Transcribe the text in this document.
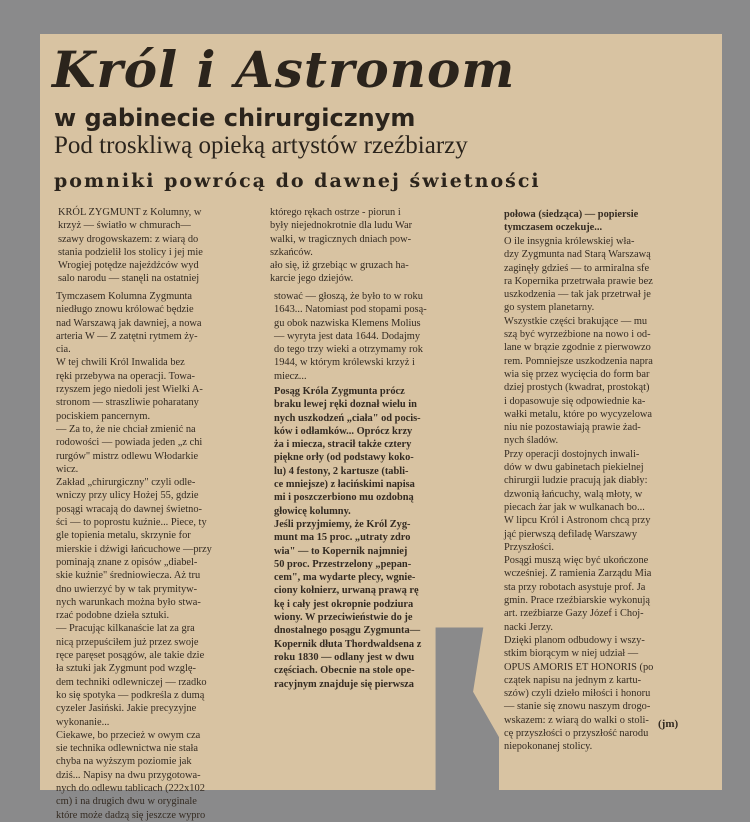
Król i Astronom
w gabinecie chirurgicznym
Pod troskliwą opieką artystów rzeźbiarzy
pomniki powrócą do dawnej świetności
KRÓL ZYGMUNT z Kolumny, w
krzyż — światło w chmurach—
szawy drogowskazem: z wiarą do
stania podzielił los stolicy i jej mie
Wrogiej potędze najeźdźców wyd
salo narodu — stanęli na ostatniej
którego rękach ostrze - piorun i
były niejednokrotnie dla ludu War
walki, w tragicznych dniach pow-
szkańców.
ało się, iż grzebiąc w gruzach ha-
karcie jego dziejów.
Tymczasem Kolumna Zygmunta
niedługo znowu królować będzie
nad Warszawą jak dawniej, a nowa
arteria W — Z zatętni rytmem ży-
cia.
W tej chwili Król Inwalida bez
ręki przebywa na operacji. Towa-
rzyszem jego niedoli jest Wielki A-
stronom — straszliwie poharatany
pociskiem pancernym.
— Za to, że nie chciał zmienić na
rodowości — powiada jeden „z chi
rurgów" mistrz odlewu Włodarkie
wicz.
Zakład „chirurgiczny" czyli odle-
wniczy przy ulicy Hożej 55, gdzie
posągi wracają do dawnej świetno-
ści — to poprostu kuźnie... Piece, ty
gle topienia metalu, skrzynie for
mierskie i dźwigi łańcuchowe —przy
pominają znane z opisów „diabel-
skie kuźnie" średniowiecza. Aż tru
dno uwierzyć by w tak prymityw-
nych warunkach można było stwa-
rzać podobne dzieła sztuki.
— Pracując kilkanaście lat za gra
nicą przepuściłem już przez swoje
ręce paręset posągów, ale takie dzie
ła sztuki jak Zygmunt pod wzglę-
dem techniki odlewniczej — rzadko
ko się spotyka — podkreśla z dumą
cyzeler Jasiński. Jakie precyzyjne
wykonanie...
Ciekawe, bo przecież w owym cza
sie technika odlewnictwa nie stała
chyba na wyższym poziomie jak
dziś... Napisy na dwu przygotowa-
nych do odlewu tablicach (222x102
cm) i na drugich dwu w oryginale
które może dadzą się jeszcze wypro
stować — głoszą, że było to w roku
1643... Natomiast pod stopami posą-
gu obok nazwiska Klemens Molius
— wyryta jest data 1644. Dodajmy
do tego trzy wieki a otrzymamy rok
1944, w którym królewski krzyż i
miecz...
Posąg Króla Zygmunta prócz
braku lewej ręki doznał wielu in
nych uszkodzeń „ciała" od pocis-
ków i odłamków... Oprócz krzy
ża i miecza, stracił także cztery
piękne orły (od podstawy koko-
lu) 4 festony, 2 kartusze (tabli-
ce mniejsze) z łacińskimi napisa
mi i poszczerbiono mu ozdobną
głowicę kolumny.
Jeśli przyjmiemy, że Król Zyg-
munt ma 15 proc. „utraty zdro
wia" — to Kopernik najmniej
50 proc. Przestrzelony „pepan-
cem", ma wydarte plecy, wgnie-
ciony kołnierz, urwaną prawą rę
kę i cały jest okropnie podziura
wiony. W przeciwieństwie do je
dnostalnego posągu Zygmunta—
Kopernik dłuta Thordwaldsena z
roku 1830 — odlany jest w dwu
częściach. Obecnie na stole ope-
racyjnym znajduje się pierwsza
połowa (siedząca) — popiersie
tymczasem oczekuje...
O ile insygnia królewskiej wła-
dzy Zygmunta nad Starą Warszawą
zaginęły gdzieś — to armiralna sfe
ra Kopernika przetrwała prawie bez
uszkodzenia — tak jak przetrwał je
go system planetarny.
Wszystkie części brakujące — mu
szą być wyrzeźbione na nowo i od-
lane w brązie zgodnie z pierwowzo
rem. Pomniejsze uszkodzenia napra
wia się przez wycięcia do form bar
dziej prostych (kwadrat, prostokąt)
i dopasowuje się odpowiednie ka-
wałki metalu, które po wycyzelowa
niu nie pozostawiają prawie żad-
nych śladów.
Przy operacji dostojnych inwali-
dów w dwu gabinetach piekielnej
chirurgii ludzie pracują jak diabły:
dzwonią łańcuchy, walą młoty, w
piecach żar jak w wulkanach bo...
W lipcu Król i Astronom chcą przy
jąć pierwszą defiladę Warszawy
Przyszłości.
Posągi muszą więc być ukończone
wcześniej. Z ramienia Zarządu Mia
sta przy robotach asystuje prof. Ja
gmin. Prace rzeźbiarskie wykonują
art. rzeźbiarze Gazy Józef i Choj-
nacki Jerzy.
Dzięki planom odbudowy i wszy-
stkim biorącym w niej udział —
OPUS AMORIS ET HONORIS (po
czątek napisu na jednym z kartu-
szów) czyli dzieło miłości i honoru
— stanie się znowu naszym drogo-
wskazem: z wiarą do walki o stoli-
cę przyszłości o przyszłość narodu
niepokonanej stolicy.
(jm)
